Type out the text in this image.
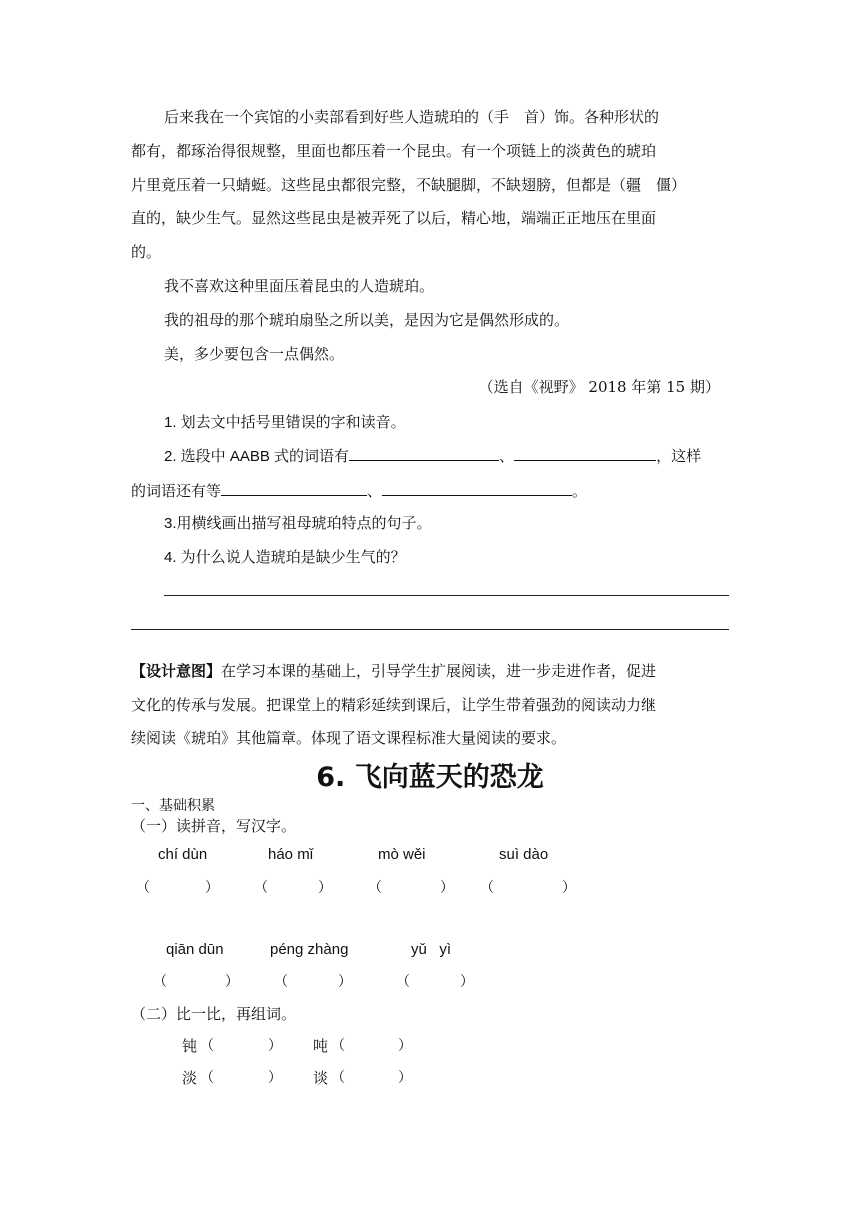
后来我在一个宾馆的小卖部看到好些人造琥珀的（手　首）饰。各种形状的
都有，都琢治得很规整，里面也都压着一个昆虫。有一个项链上的淡黄色的琥珀
片里竟压着一只蜻蜓。这些昆虫都很完整，不缺腿脚，不缺翅膀，但都是（疆　僵）
直的，缺少生气。显然这些昆虫是被弄死了以后，精心地，端端正正地压在里面
的。
我不喜欢这种里面压着昆虫的人造琥珀。
我的祖母的那个琥珀扇坠之所以美，是因为它是偶然形成的。
美，多少要包含一点偶然。
（选自《视野》 2018 年第 15 期）
1. 划去文中括号里错误的字和读音。
2. 选段中 AABB 式的词语有	、	，这样
的词语还有等	、	。
3.用横线画出描写祖母琥珀特点的句子。
4. 为什么说人造琥珀是缺少生气的？
【设计意图】在学习本课的基础上，引导学生扩展阅读，进一步走进作者，促进
文化的传承与发展。把课堂上的精彩延续到课后，让学生带着强劲的阅读动力继
续阅读《琥珀》其他篇章。体现了语文课程标准大量阅读的要求。
6. 飞向蓝天的恐龙
一、基础积累
（一）读拼音，写汉字。
chí dùn	háo mǐ	mò wěi	suì dào
（	）	（	）	（	） （	）
qiān dūn	péng zhàng	yǔ   yì
（	）	（	）	（	）
（二）比一比，再组词。
钝 （	） 吨 （	）
淡 （	） 谈 （	）
